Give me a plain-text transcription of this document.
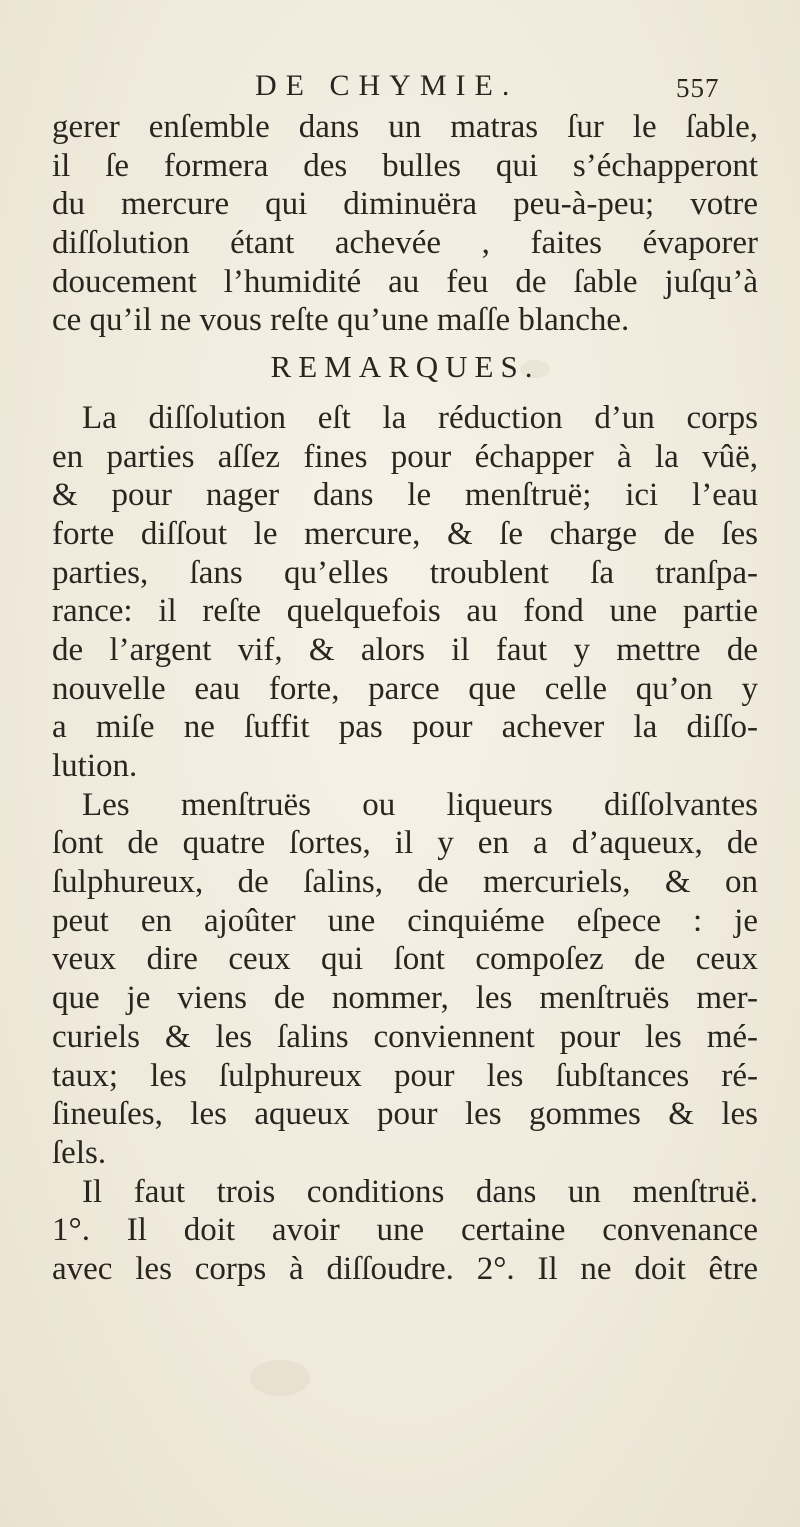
DE CHYMIE.	557
gerer enſemble dans un matras ſur le ſable,
il ſe formera des bulles qui s’échapperont
du mercure qui diminuëra peu-à-peu; votre
diſſolution étant achevée , faites évaporer
doucement l’humidité au feu de ſable juſqu’à
ce qu’il ne vous reſte qu’une maſſe blanche.
REMARQUES.
La diſſolution eſt la réduction d’un corps
en parties aſſez fines pour échapper à la vûë,
& pour nager dans le menſtruë; ici l’eau
forte diſſout le mercure, & ſe charge de ſes
parties, ſans qu’elles troublent ſa tranſpa-
rance: il reſte quelquefois au fond une partie
de l’argent vif, & alors il faut y mettre de
nouvelle eau forte, parce que celle qu’on y
a miſe ne ſuffit pas pour achever la diſſo-
lution.
Les menſtruës ou liqueurs diſſolvantes
ſont de quatre ſortes, il y en a d’aqueux, de
ſulphureux, de ſalins, de mercuriels, & on
peut en ajoûter une cinquiéme eſpece : je
veux dire ceux qui ſont compoſez de ceux
que je viens de nommer, les menſtruës mer-
curiels & les ſalins conviennent pour les mé-
taux; les ſulphureux pour les ſubſtances ré-
ſineuſes, les aqueux pour les gommes & les
ſels.
Il faut trois conditions dans un menſtruë.
1°. Il doit avoir une certaine convenance
avec les corps à diſſoudre. 2°. Il ne doit être
